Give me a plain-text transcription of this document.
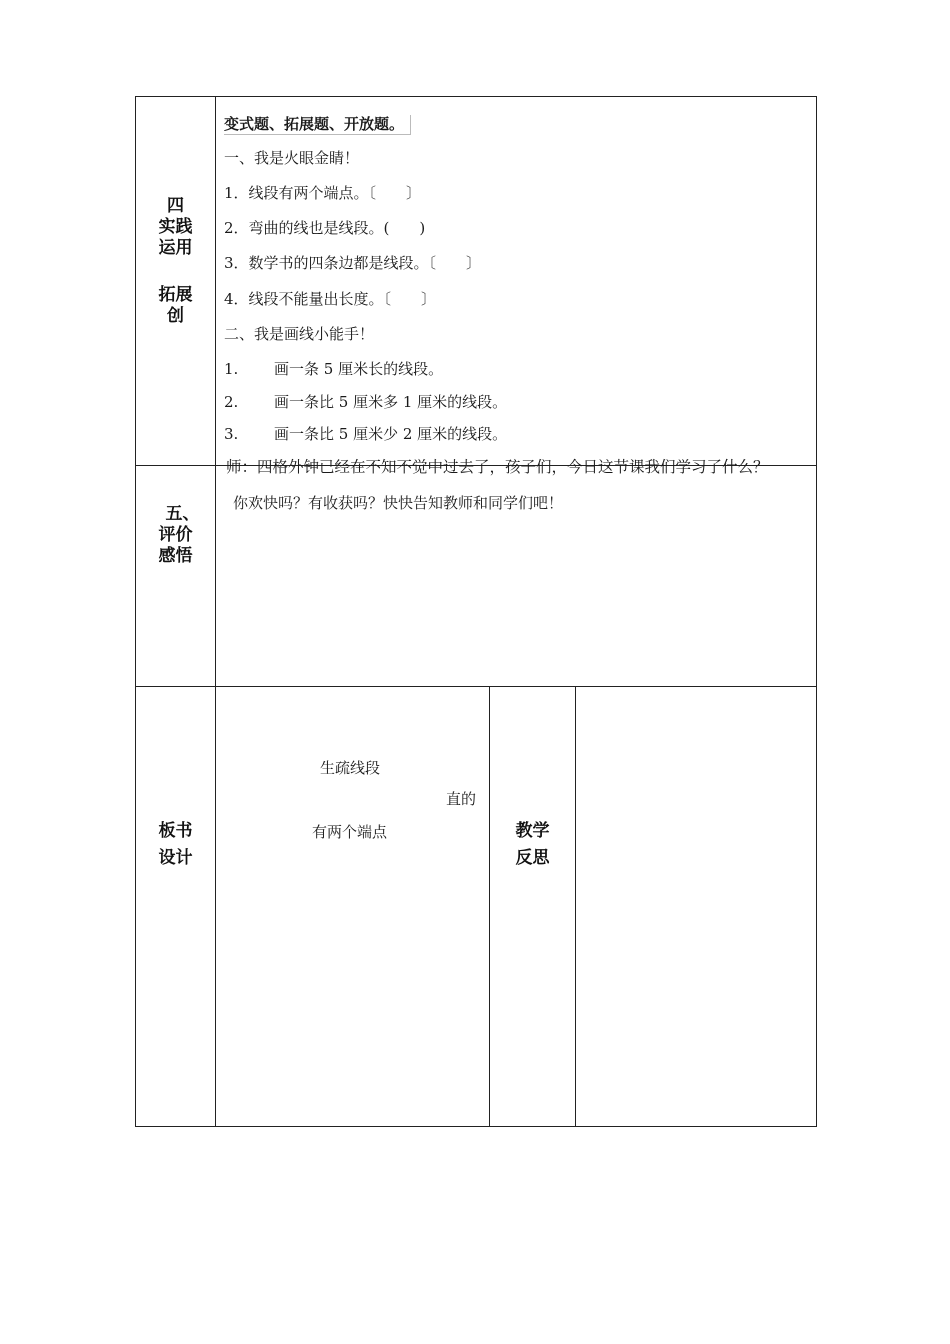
四
实践
运用
拓展
创
变式题、拓展题、开放题。
一、我是火眼金睛！
1．线段有两个端点。〔　　〕
2．弯曲的线也是线段。(　　)
3．数学书的四条边都是线段。〔　　〕
4．线段不能量出长度。〔　　〕
二、我是画线小能手！
1. 画一条 5 厘米长的线段。
2. 画一条比 5 厘米多 1 厘米的线段。
3. 画一条比 5 厘米少 2 厘米的线段。
五、
评价
感悟
师：四格外钟已经在不知不觉中过去了，孩子们，今日这节课我们学习了什么？
你欢快吗？有收获吗？快快告知教师和同学们吧！
板书
设计
生疏线段
直的
有两个端点	教学
反思
